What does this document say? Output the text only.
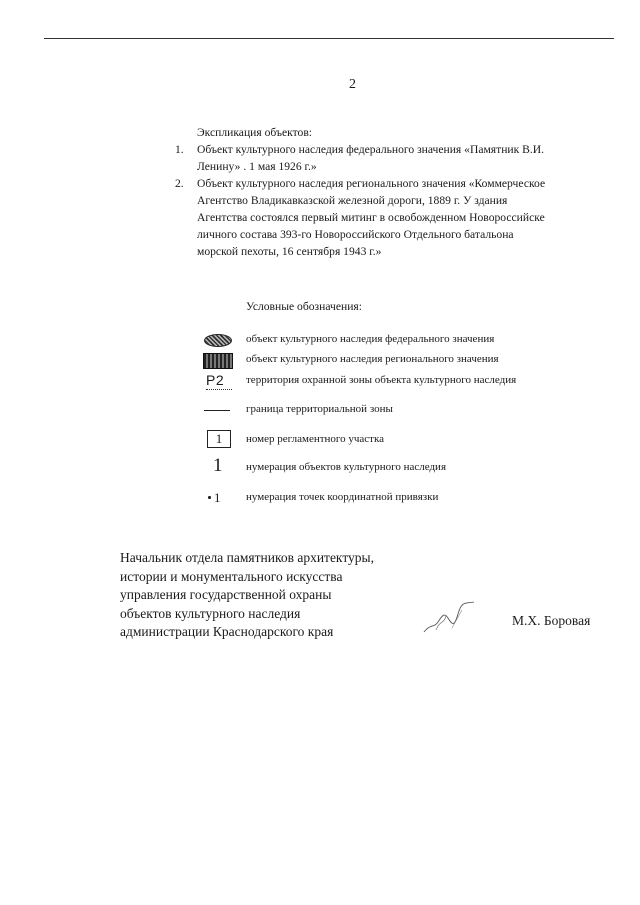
2
Экспликация объектов:
1. Объект культурного наследия федерального значения «Памятник В.И. Ленину» . 1 мая 1926 г.»
2. Объект культурного наследия регионального значения «Коммерческое Агентство Владикавказской железной дороги, 1889 г. У здания Агентства состоялся первый митинг в освобожденном Новороссийске личного состава 393-го Новороссийского Отдельного батальона морской пехоты, 16 сентября 1943 г.»
Условные обозначения:
объект культурного наследия федерального значения
объект культурного наследия регионального значения
P2 территория охранной зоны объекта культурного наследия
граница территориальной зоны
1	номер регламентного участка
1 нумерация объектов культурного наследия
1 нумерация точек координатной привязки
Начальник отдела памятников архитектуры,
истории и монументального искусства
управления государственной охраны
объектов культурного наследия
администрации Краснодарского края
М.Х. Боровая
